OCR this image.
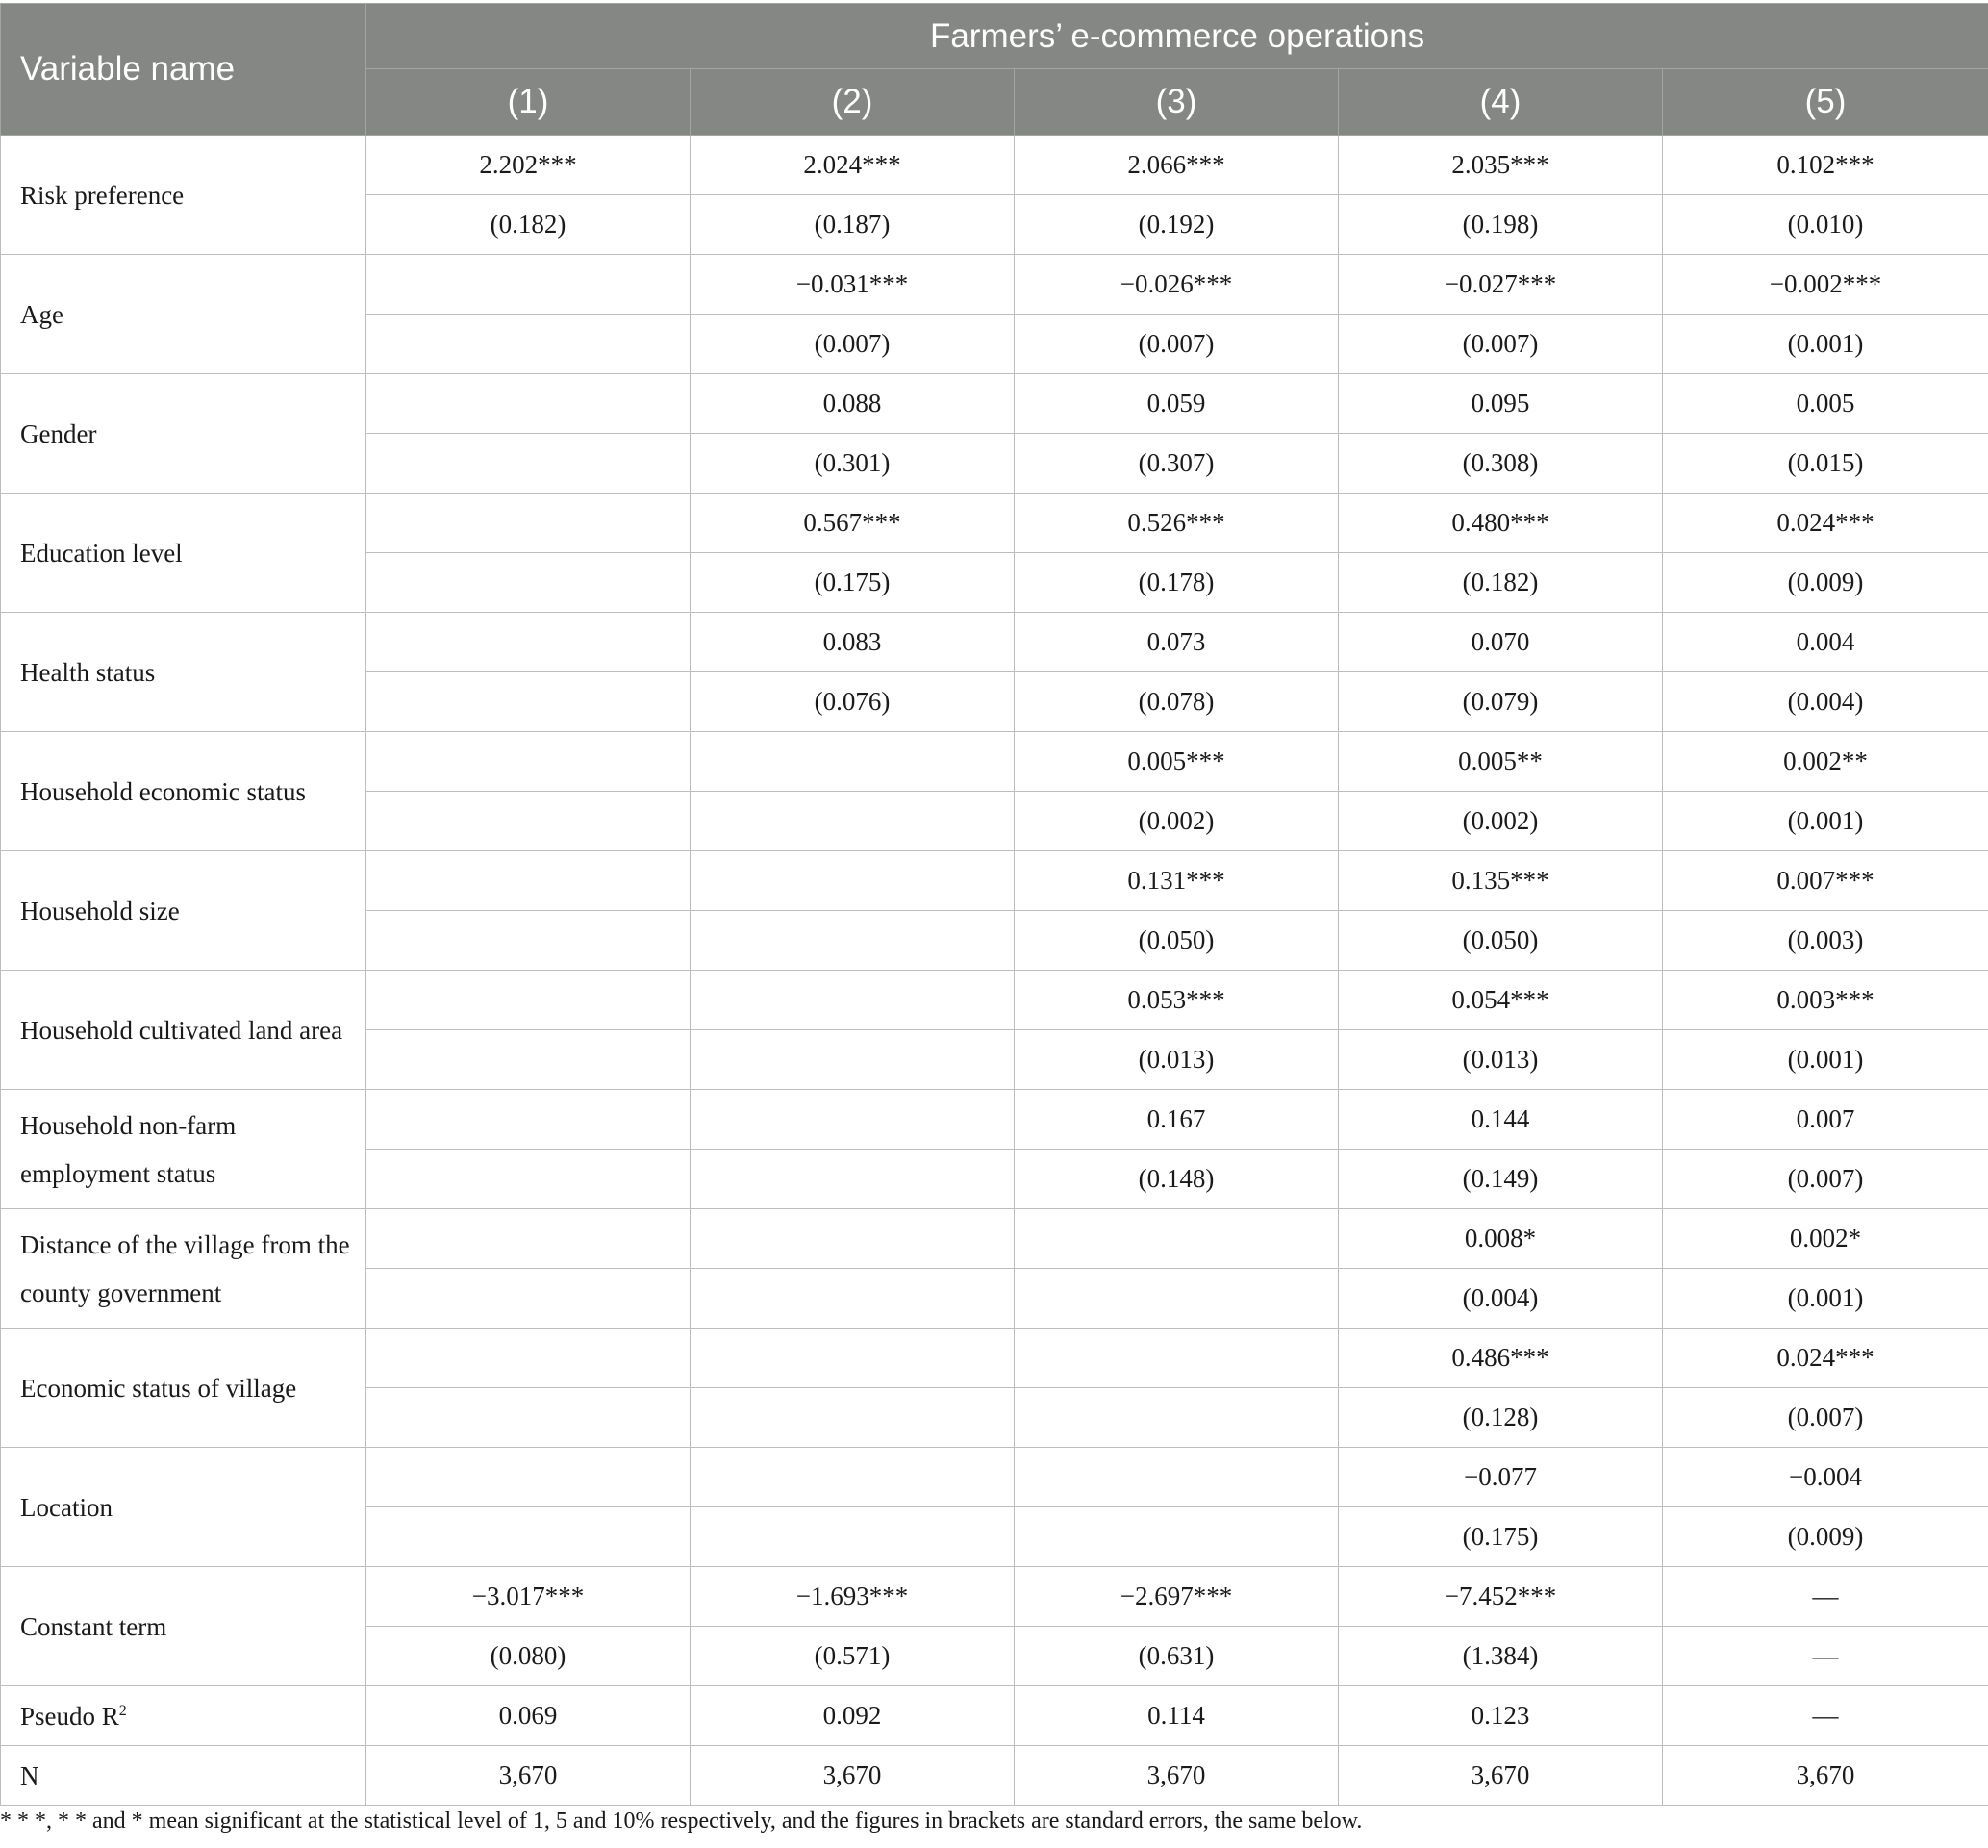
Variable name	Farmers’ e-commerce operations				
	(1)	(2)	(3)	(4)	(5)
Risk preference	2.202***	2.024***	2.066***	2.035***	0.102***
	(0.182)	(0.187)	(0.192)	(0.198)	(0.010)
Age		−0.031***	−0.026***	−0.027***	−0.002***
		(0.007)	(0.007)	(0.007)	(0.001)
Gender		0.088	0.059	0.095	0.005
		(0.301)	(0.307)	(0.308)	(0.015)
Education level		0.567***	0.526***	0.480***	0.024***
		(0.175)	(0.178)	(0.182)	(0.009)
Health status		0.083	0.073	0.070	0.004
		(0.076)	(0.078)	(0.079)	(0.004)
Household economic status			0.005***	0.005**	0.002**
			(0.002)	(0.002)	(0.001)
Household size			0.131***	0.135***	0.007***
			(0.050)	(0.050)	(0.003)
Household cultivated land area			0.053***	0.054***	0.003***
			(0.013)	(0.013)	(0.001)
Household non-farm employment status			0.167	0.144	0.007
			(0.148)	(0.149)	(0.007)
Distance of the village from the county government				0.008*	0.002*
				(0.004)	(0.001)
Economic status of village				0.486***	0.024***
				(0.128)	(0.007)
Location				−0.077	−0.004
				(0.175)	(0.009)
Constant term	−3.017***	−1.693***	−2.697***	−7.452***	—
	(0.080)	(0.571)	(0.631)	(1.384)	—
Pseudo $R^2$	0.069	0.092	0.114	0.123	—
N	3,670	3,670	3,670	3,670	3,670
* * *, * * and * mean significant at the statistical level of 1, 5 and 10% respectively, and the figures in brackets are standard errors, the same below.
